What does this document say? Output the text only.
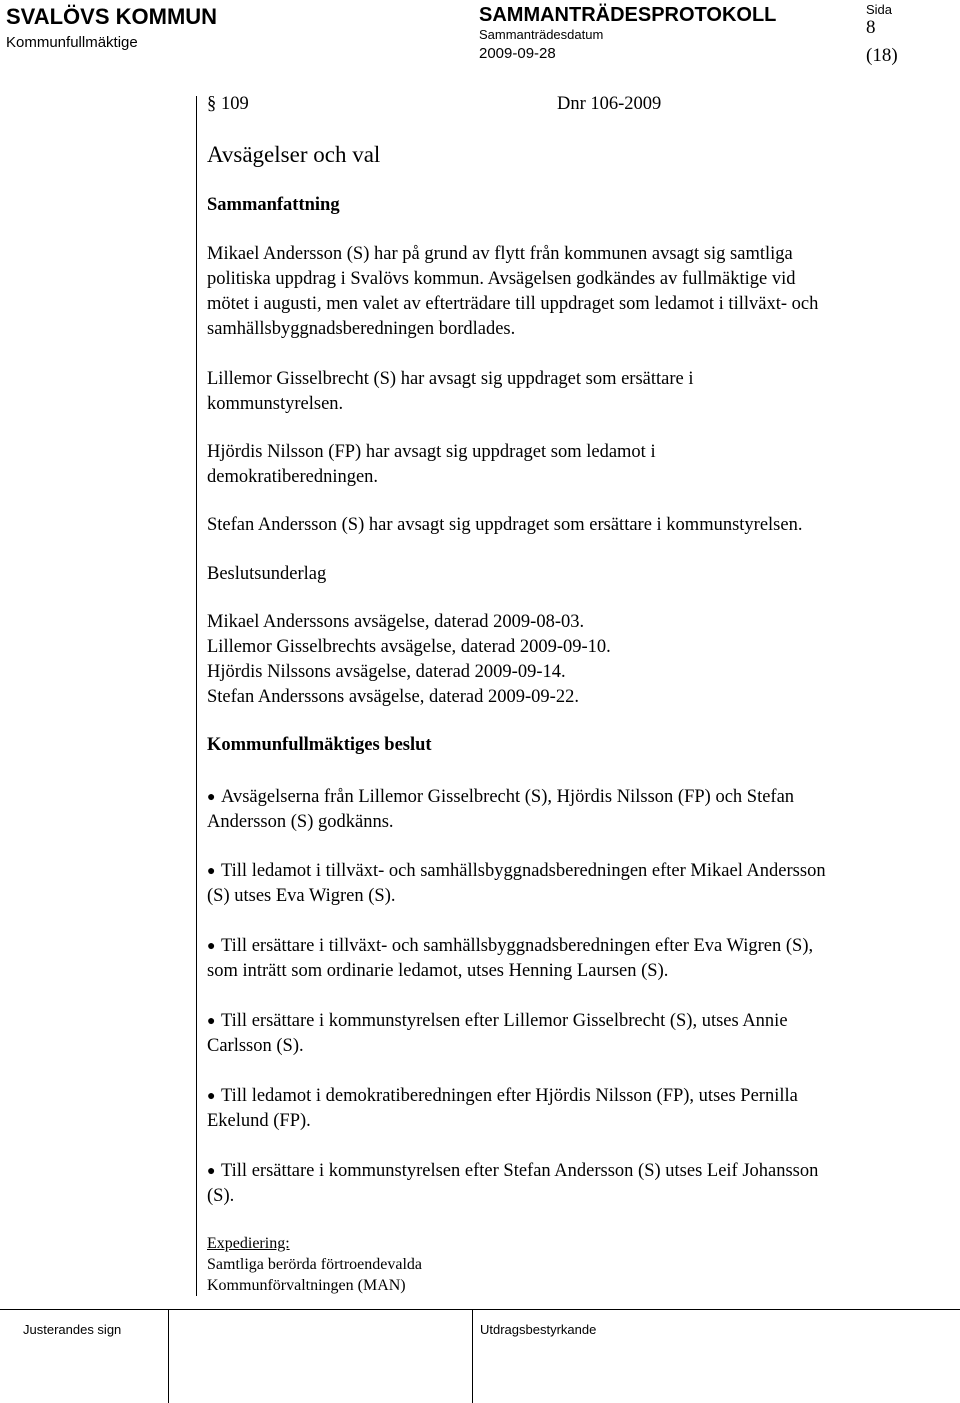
SVALÖVS KOMMUN
Kommunfullmäktige
SAMMANTRÄDESPROTOKOLL
Sammanträdesdatum
2009-09-28
Sida
8
(18)
§ 109	Dnr 106-2009
Avsägelser och val
Sammanfattning
Mikael Andersson (S) har på grund av flytt från kommunen avsagt sig samtliga
politiska uppdrag i Svalövs kommun. Avsägelsen godkändes av fullmäktige vid
mötet i augusti, men valet av efterträdare till uppdraget som ledamot i tillväxt- och
samhällsbyggnadsberedningen bordlades.
Lillemor Gisselbrecht (S) har avsagt sig uppdraget som ersättare i
kommunstyrelsen.
Hjördis Nilsson (FP) har avsagt sig uppdraget som ledamot i
demokratiberedningen.
Stefan Andersson (S) har avsagt sig uppdraget som ersättare i kommunstyrelsen.
Beslutsunderlag
Mikael Anderssons avsägelse, daterad 2009-08-03.
Lillemor Gisselbrechts avsägelse, daterad 2009-09-10.
Hjördis Nilssons avsägelse, daterad 2009-09-14.
Stefan Anderssons avsägelse, daterad 2009-09-22.
Kommunfullmäktiges beslut
● Avsägelserna från Lillemor Gisselbrecht (S), Hjördis Nilsson (FP) och Stefan
Andersson (S) godkänns.
● Till ledamot i tillväxt- och samhällsbyggnadsberedningen efter Mikael Andersson
(S) utses Eva Wigren (S).
● Till ersättare i tillväxt- och samhällsbyggnadsberedningen efter Eva Wigren (S),
som inträtt som ordinarie ledamot, utses Henning Laursen (S).
● Till ersättare i kommunstyrelsen efter Lillemor Gisselbrecht (S), utses Annie
Carlsson (S).
● Till ledamot i demokratiberedningen efter Hjördis Nilsson (FP), utses Pernilla
Ekelund (FP).
● Till ersättare i kommunstyrelsen efter Stefan Andersson (S) utses Leif Johansson
(S).
Expediering:
Samtliga berörda förtroendevalda
Kommunförvaltningen (MAN)
Justerandes sign	Utdragsbestyrkande
